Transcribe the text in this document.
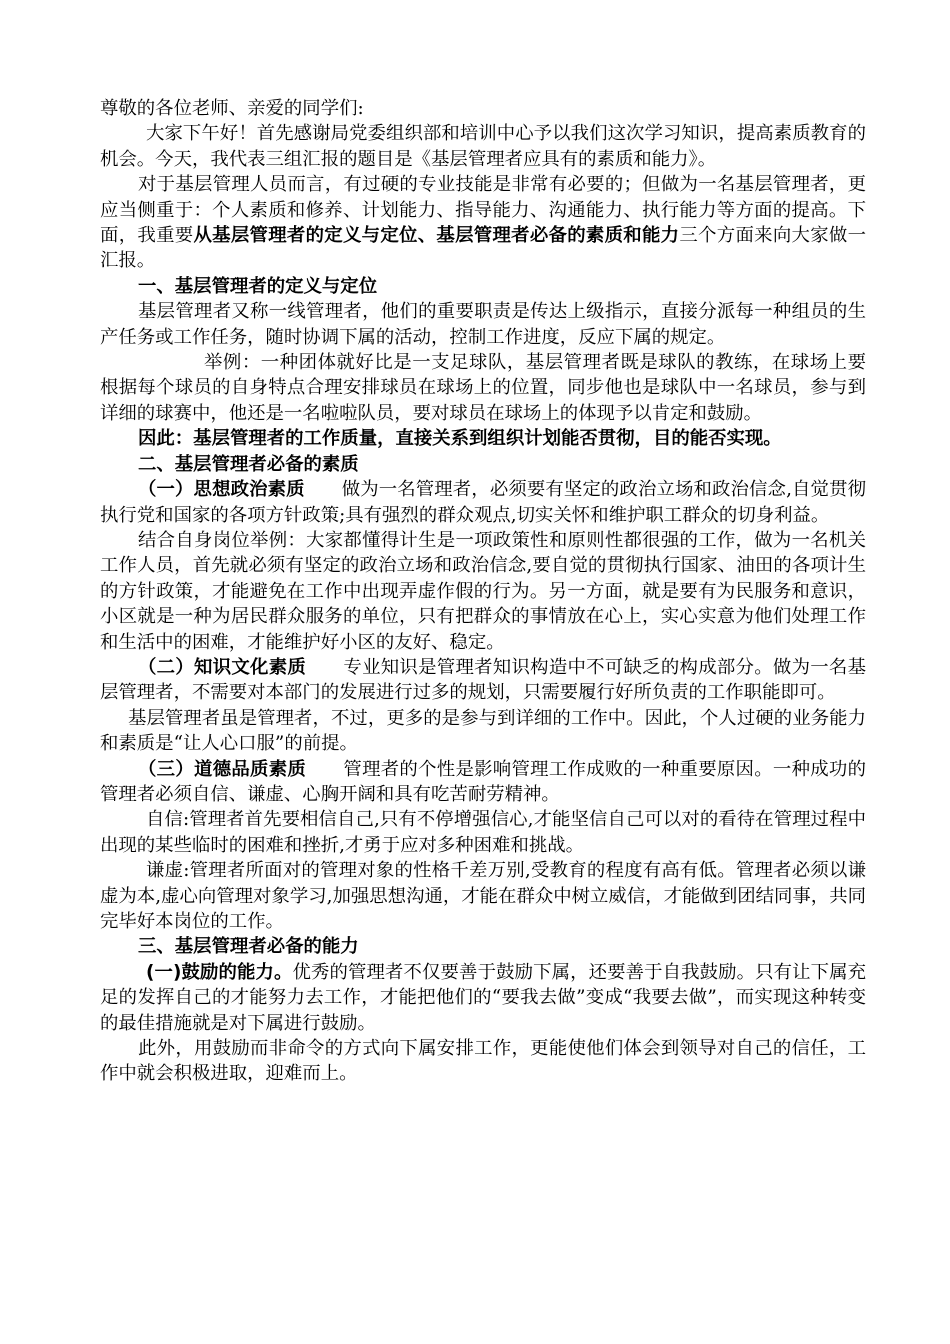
尊敬的各位老师、亲爱的同学们:

大家下午好！首先感谢局党委组织部和培训中心予以我们这次学习知识，提高素质教育的机会。今天，我代表三组汇报的题目是《基层管理者应具有的素质和能力》。

对于基层管理人员而言，有过硬的专业技能是非常有必要的；但做为一名基层管理者，更应当侧重于：个人素质和修养、计划能力、指导能力、沟通能力、执行能力等方面的提高。下面，我重要从基层管理者的定义与定位、基层管理者必备的素质和能力三个方面来向大家做一汇报。

一、基层管理者的定义与定位

基层管理者又称一线管理者，他们的重要职责是传达上级指示，直接分派每一种组员的生产任务或工作任务，随时协调下属的活动，控制工作进度，反应下属的规定。

举例：一种团体就好比是一支足球队，基层管理者既是球队的教练，在球场上要根据每个球员的自身特点合理安排球员在球场上的位置，同步他也是球队中一名球员，参与到详细的球赛中，他还是一名啦啦队员，要对球员在球场上的体现予以肯定和鼓励。

因此：基层管理者的工作质量，直接关系到组织计划能否贯彻，目的能否实现。

二、基层管理者必备的素质

（一）思想政治素质　　做为一名管理者，必须要有坚定的政治立场和政治信念,自觉贯彻执行党和国家的各项方针政策;具有强烈的群众观点,切实关怀和维护职工群众的切身利益。

结合自身岗位举例：大家都懂得计生是一项政策性和原则性都很强的工作，做为一名机关工作人员，首先就必须有坚定的政治立场和政治信念,要自觉的贯彻执行国家、油田的各项计生的方针政策，才能避免在工作中出现弄虚作假的行为。另一方面，就是要有为民服务和意识，小区就是一种为居民群众服务的单位，只有把群众的事情放在心上，实心实意为他们处理工作和生活中的困难，才能维护好小区的友好、稳定。

（二）知识文化素质　　专业知识是管理者知识构造中不可缺乏的构成部分。做为一名基层管理者，不需要对本部门的发展进行过多的规划，只需要履行好所负责的工作职能即可。

基层管理者虽是管理者，不过，更多的是参与到详细的工作中。因此，个人过硬的业务能力和素质是“让人心口服”的前提。

（三）道德品质素质　　管理者的个性是影响管理工作成败的一种重要原因。一种成功的管理者必须自信、谦虚、心胸开阔和具有吃苦耐劳精神。

自信:管理者首先要相信自己,只有不停增强信心,才能坚信自己可以对的看待在管理过程中出现的某些临时的困难和挫折,才勇于应对多种困难和挑战。

谦虚:管理者所面对的管理对象的性格千差万别,受教育的程度有高有低。管理者必须以谦虚为本,虚心向管理对象学习,加强思想沟通，才能在群众中树立威信，才能做到团结同事，共同完毕好本岗位的工作。

三、基层管理者必备的能力

(一)鼓励的能力。优秀的管理者不仅要善于鼓励下属，还要善于自我鼓励。只有让下属充足的发挥自己的才能努力去工作，才能把他们的“要我去做”变成“我要去做”，而实现这种转变的最佳措施就是对下属进行鼓励。

此外，用鼓励而非命令的方式向下属安排工作，更能使他们体会到领导对自己的信任，工作中就会积极进取，迎难而上。
